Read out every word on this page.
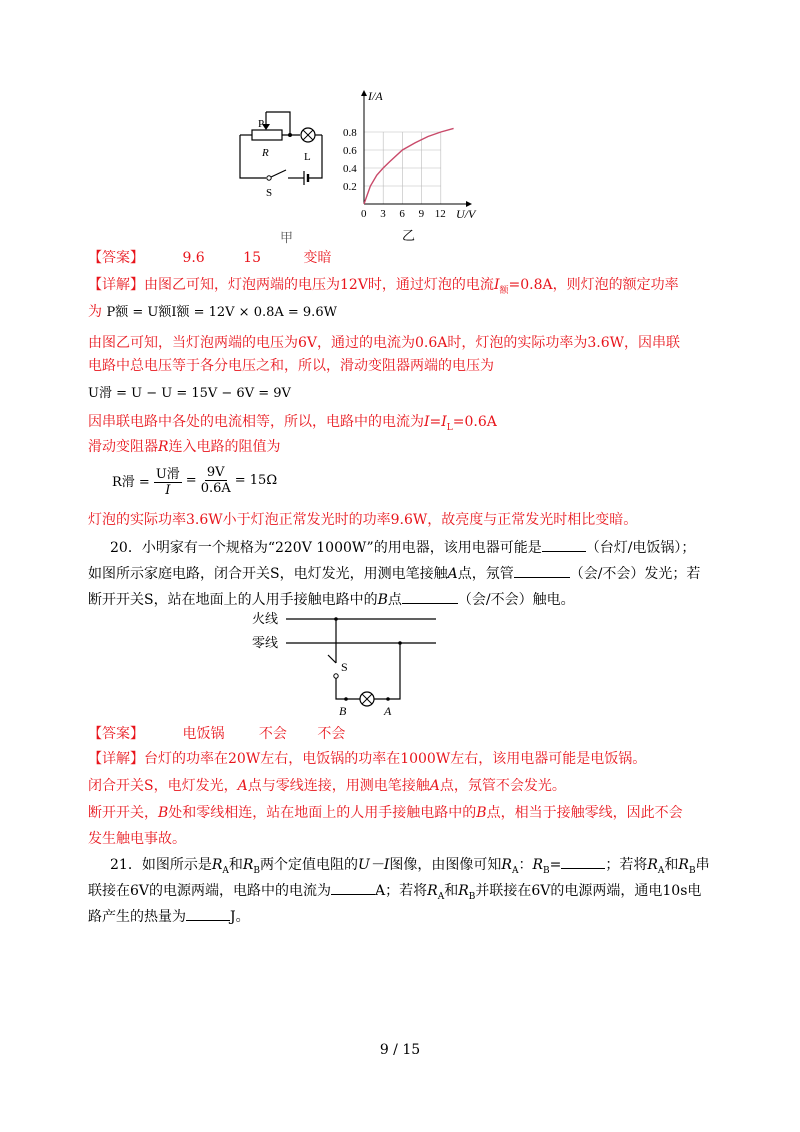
P
R	L
S
甲
0 3 6 9 12
0.2
0.4
0.6
0.8
I/A
U/V
乙
【答案】	9.6	15	变暗
【详解】由图乙可知，灯泡两端的电压为12V时，通过灯泡的电流$I_额=0.8A$，则灯泡的额定功率
为 P额 = U额I额 = 12V × 0.8A = 9.6W
由图乙可知，当灯泡两端的电压为6V，通过的电流为0.6A时，灯泡的实际功率为3.6W，因串联
电路中总电压等于各分电压之和，所以，滑动变阻器两端的电压为
U滑 = U − U = 15V − 6V = 9V
因串联电路中各处的电流相等，所以，电路中的电流为$I=I_L=0.6A$
滑动变阻器R连入电路的阻值为
R滑 =
U滑
I
= $\frac{9V}{0.6A} = 15\Omega$
灯泡的实际功率3.6W小于灯泡正常发光时的功率9.6W，故亮度与正常发光时相比变暗。
20．小明家有一个规格为“220V 1000W”的用电器，该用电器可能是	（台灯/电饭锅）；
如图所示家庭电路，闭合开关S，电灯发光，用测电笔接触A点，氖管	（会/不会）发光；若
断开开关S，站在地面上的人用手接触电路中的B点	（会/不会）触电。
火线
零线
S
B	A
【答案】	电饭锅 不会 不会
【详解】台灯的功率在20W左右，电饭锅的功率在1000W左右，该用电器可能是电饭锅。
闭合开关S，电灯发光，A点与零线连接，用测电笔接触A点，氖管不会发光。
断开开关，B处和零线相连，站在地面上的人用手接触电路中的B点，相当于接触零线，因此不会
发生触电事故。
21．如图所示是$R_A$和$R_B$两个定值电阻的U－I图像，由图像可知$R_A$：$R_B=$	；若将$R_A$和$R_B$串
联接在6V的电源两端，电路中的电流为	A；若将$R_A$和$R_B$并联接在6V的电源两端，通电10s电
路产生的热量为	J。
9 / 15
